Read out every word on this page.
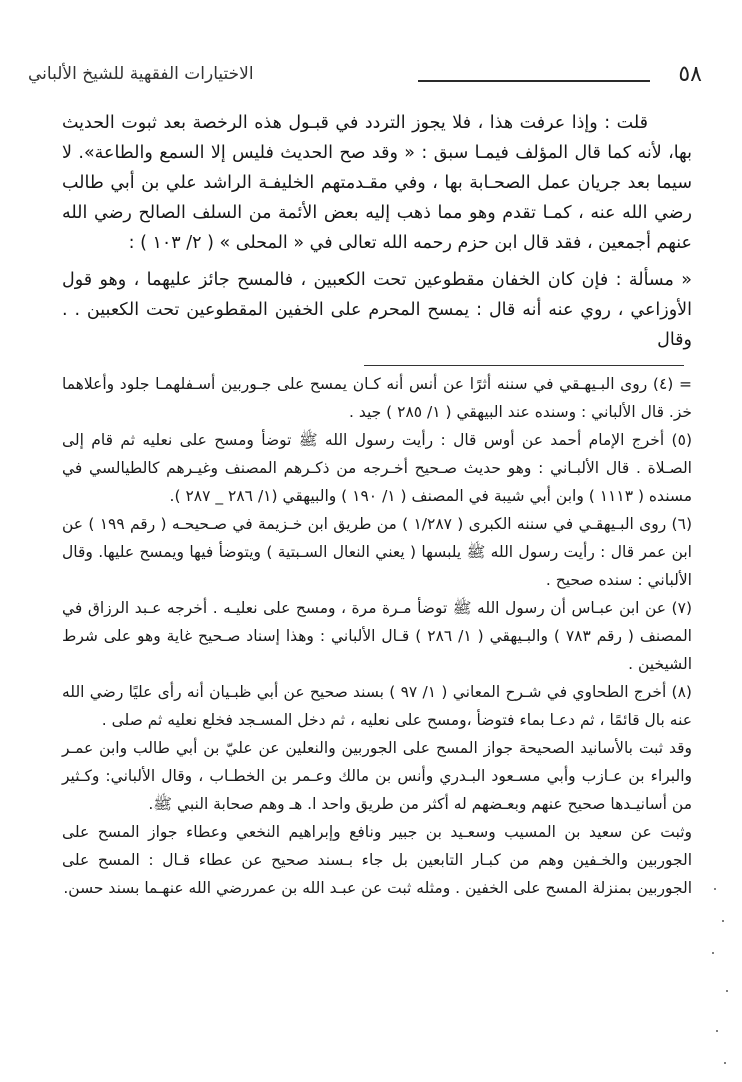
٥٨
الاختيارات الفقهية للشيخ الألباني

قلت : وإذا عرفت هذا ، فلا يجوز التردد في قبـول هذه الرخصة بعد ثبوت الحديث بها، لأنه كما قال المؤلف فيمـا سبق : « وقد صح الحديث فليس إلا السمع والطاعة». لا سيما بعد جريان عمل الصحـابة بها ، وفي مقـدمتهم الخليفـة الراشد علي بن أبي طالب رضي الله عنه ، كمـا تقدم وهو مما ذهب إليه بعض الأئمة من السلف الصالح رضي الله عنهم أجمعين ، فقد قال ابن حزم رحمه الله تعالى في « المحلى » ( ٢/ ١٠٣ ) :

« مسألة : فإن كان الخفان مقطوعين تحت الكعبين ، فالمسح جائز عليهما ، وهو قول الأوزاعي ، روي عنه أنه قال : يمسح المحرم على الخفين المقطوعين تحت الكعبين . . وقال

= (٤) روى البـيهـقي في سننه أثرًا عن أنس أنه كـان يمسح على جـوربين أسـفلهمـا جلود وأعلاهما خز. قال الألباني : وسنده عند البيهقي ( ١/ ٢٨٥ ) جيد .

(٥) أخرج الإمام أحمد عن أوس قال : رأيت رسول الله ﷺ توضأ ومسح على نعليه ثم قام إلى الصـلاة . قال الألبـاني : وهو حديث صـحيح أخـرجه من ذكـرهم المصنف وغيـرهم كالطيالسي في مسنده ( ١١١٣ ) وابن أبي شيبة في المصنف ( ١/ ١٩٠ ) والبيهقي (١/ ٢٨٦ _ ٢٨٧ ).

(٦) روى البـيهقـي في سننه الكبرى ( ١/٢٨٧ ) من طريق ابن خـزيمة في صـحيحـه ( رقم ١٩٩ ) عن ابن عمر قال : رأيت رسول الله ﷺ يلبسها ( يعني النعال السـبتية ) ويتوضأ فيها ويمسح عليها. وقال الألباني : سنده صحيح .

(٧) عن ابن عبـاس أن رسول الله ﷺ توضأ مـرة مرة ، ومسح على نعليـه . أخرجه عـبد الرزاق في المصنف ( رقم ٧٨٣ ) والبـيهقي ( ١/ ٢٨٦ ) قـال الألباني : وهذا إسناد صـحيح غاية وهو على شرط الشيخين .

(٨) أخرج الطحاوي في شـرح المعاني ( ١/ ٩٧ ) بسند صحيح عن أبي ظبـيان أنه رأى عليًا رضي الله عنه بال قائمًا ، ثم دعـا بماء فتوضأ ،ومسح على نعليه ، ثم دخل المسـجد فخلع نعليه ثم صلى .

وقد ثبت بالأسانيد الصحيحة جواز المسح على الجوربين والنعلين عن عليّ بن أبي طالب وابن عمـر والبراء بن عـازب وأبي مسـعود البـدري وأنس بن مالك وعـمر بن الخطـاب ، وقال الألباني: وكـثير من أسانيـدها صحيح عنهم وبعـضهم له أكثر من طريق واحد ا. هـ وهم صحابة النبي ﷺ.

وثبت عن سعيد بن المسيب وسعـيد بن جبير ونافع وإبراهيم النخعي وعطاء جواز المسح على الجوربين والخـفين وهم من كبـار التابعين بل جاء بـسند صحيح عن عطاء قـال : المسح على الجوربين بمنزلة المسح على الخفين . ومثله ثبت عن عبـد الله بن عمررضي الله عنهـما بسند حسن.
